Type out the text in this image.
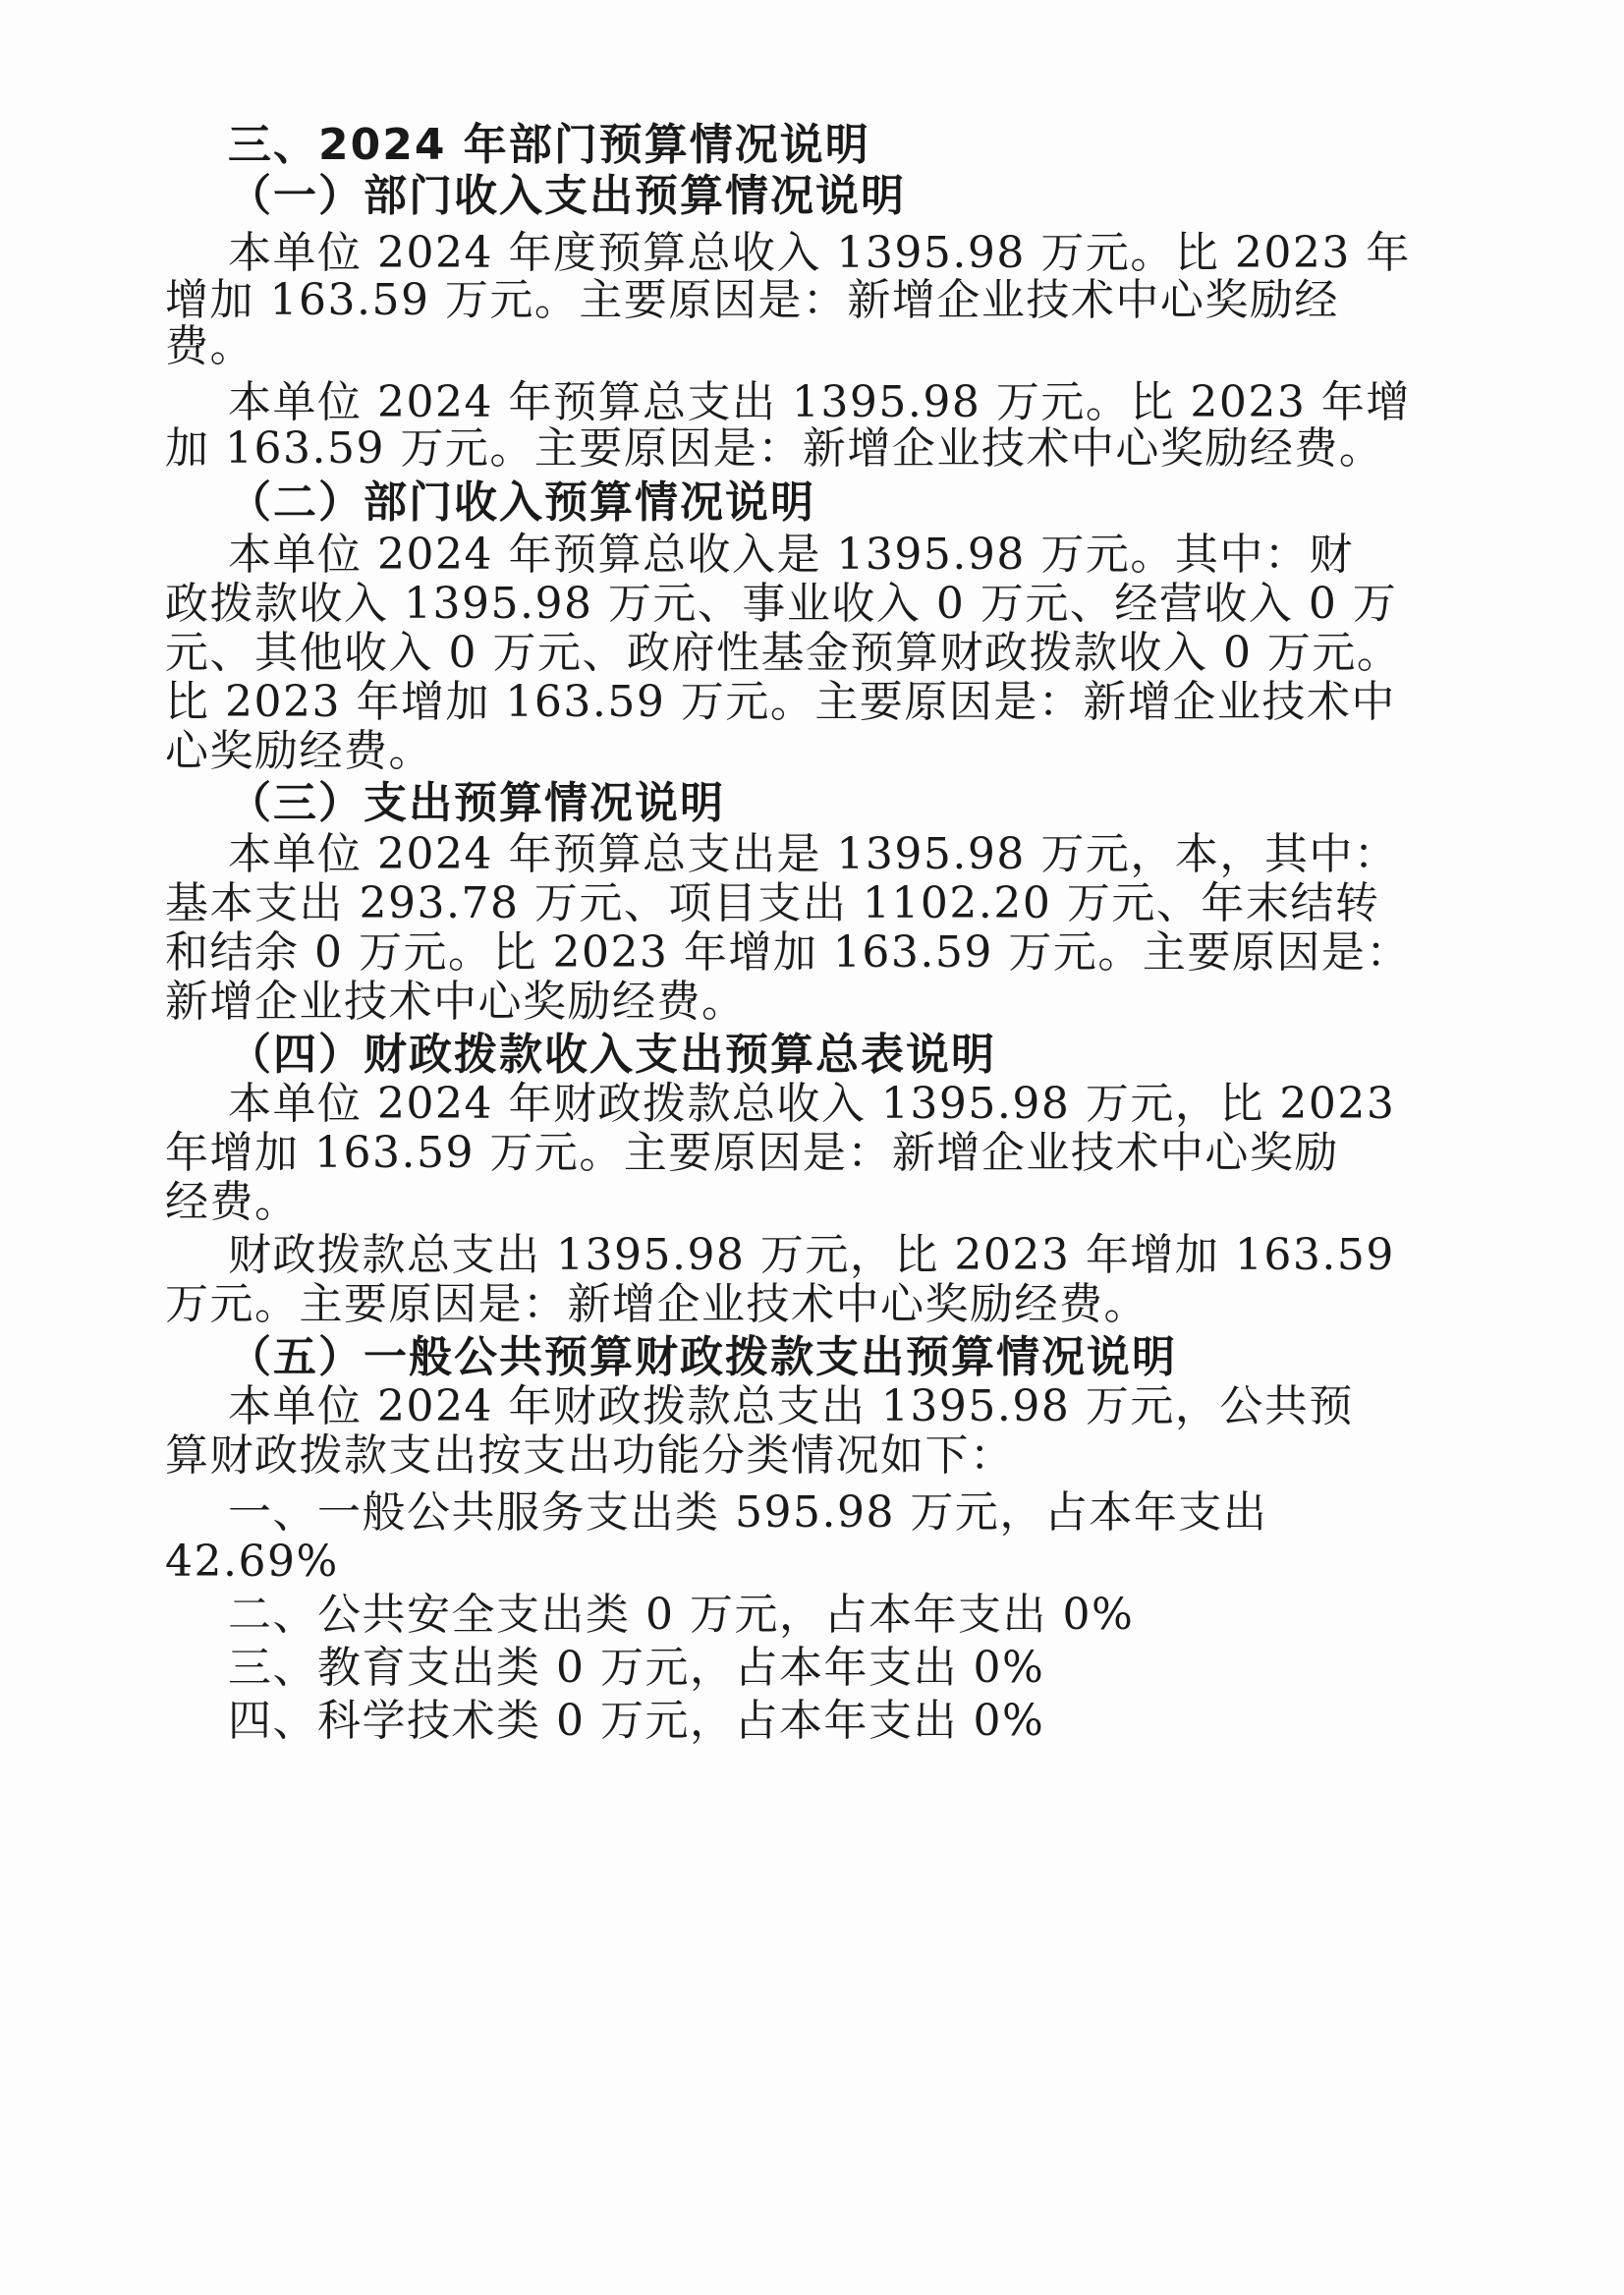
三、2024 年部门预算情况说明
（一）部门收入支出预算情况说明
本单位 2024 年度预算总收入 1395.98 万元。比 2023 年
增加 163.59 万元。主要原因是：新增企业技术中心奖励经
费。
本单位 2024 年预算总支出 1395.98 万元。比 2023 年增
加 163.59 万元。主要原因是：新增企业技术中心奖励经费。
（二）部门收入预算情况说明
本单位 2024 年预算总收入是 1395.98 万元。其中：财
政拨款收入 1395.98 万元、事业收入 0 万元、经营收入 0 万
元、其他收入 0 万元、政府性基金预算财政拨款收入 0 万元。
比 2023 年增加 163.59 万元。主要原因是：新增企业技术中
心奖励经费。
（三）支出预算情况说明
本单位 2024 年预算总支出是 1395.98 万元，本，其中：
基本支出 293.78 万元、项目支出 1102.20 万元、年末结转
和结余 0 万元。比 2023 年增加 163.59 万元。主要原因是：
新增企业技术中心奖励经费。
（四）财政拨款收入支出预算总表说明
本单位 2024 年财政拨款总收入 1395.98 万元，比 2023
年增加 163.59 万元。主要原因是：新增企业技术中心奖励
经费。
财政拨款总支出 1395.98 万元，比 2023 年增加 163.59
万元。主要原因是：新增企业技术中心奖励经费。
（五）一般公共预算财政拨款支出预算情况说明
本单位 2024 年财政拨款总支出 1395.98 万元，公共预
算财政拨款支出按支出功能分类情况如下：
一、一般公共服务支出类 595.98 万元，占本年支出
42.69%
二、公共安全支出类 0 万元，占本年支出 0%
三、教育支出类 0 万元，占本年支出 0%
四、科学技术类 0 万元，占本年支出 0%
